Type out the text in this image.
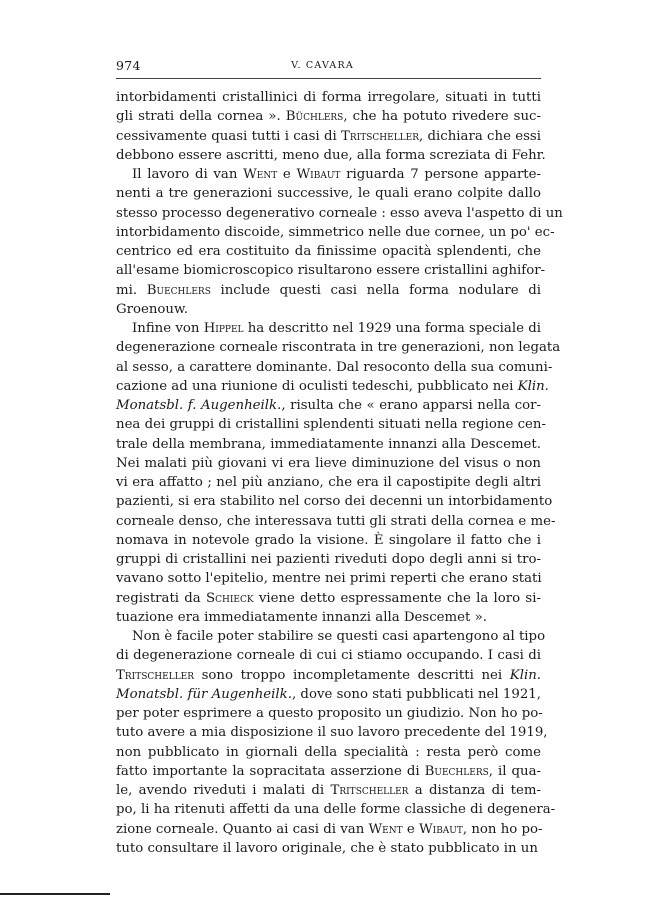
974	V. CAVARA
intorbidamenti cristallinici di forma irregolare, situati in tutti
gli strati della cornea ». Büchlers, che ha potuto rivedere suc-
cessivamente quasi tutti i casi di Tritschеller, dichiara che essi
debbono essere ascritti, meno due, alla forma screziata di Fehr.
Il lavoro di van Went e Wibaut riguarda 7 persone apparte-
nenti a tre generazioni successive, le quali erano colpite dallo
stesso processo degenerativo corneale : esso aveva l'aspetto di un
intorbidamento discoide, simmetrico nelle due cornee, un po' ec-
centrico ed era costituito da finissime opacità splendenti, che
all'esame biomicroscopico risultarono essere cristallini aghifor-
mi. Buechlers include questi casi nella forma nodulare di
Groenouw.
Infine von Hippel ha descritto nel 1929 una forma speciale di
degenerazione corneale riscontrata in tre generazioni, non legata
al sesso, a carattere dominante. Dal resoconto della sua comuni-
cazione ad una riunione di oculisti tedeschi, pubblicato nei Klin.
Monatsbl. f. Augenheilk., risulta che « erano apparsi nella cor-
nea dei gruppi di cristallini splendenti situati nella regione cen-
trale della membrana, immediatamente innanzi alla Descemet.
Nei malati più giovani vi era lieve diminuzione del visus o non
vi era affatto ; nel più anziano, che era il capostipite degli altri
pazienti, si era stabilito nel corso dei decenni un intorbidamento
corneale denso, che interessava tutti gli strati della cornea e me-
nomava in notevole grado la visione. È singolare il fatto che i
gruppi di cristallini nei pazienti riveduti dopo degli anni si tro-
vavano sotto l'epitelio, mentre nei primi reperti che erano stati
registrati da Schieck viene detto espressamente che la loro si-
tuazione era immediatamente innanzi alla Descemet ».
Non è facile poter stabilire se questi casi apartengono al tipo
di degenerazione corneale di cui ci stiamo occupando. I casi di
Tritschеller sono troppo incompletamente descritti nei Klin.
Monatsbl. für Augenheilk., dove sono stati pubblicati nel 1921,
per poter esprimere a questo proposito un giudizio. Non ho po-
tuto avere a mia disposizione il suo lavoro precedente del 1919,
non pubblicato in giornali della specialità : resta però come
fatto importante la sopracitata asserzione di Buechlers, il qua-
le, avendo riveduti i malati di Tritschеller a distanza di tem-
po, li ha ritenuti affetti da una delle forme classiche di degenera-
zione corneale. Quanto ai casi di van Went e Wibaut, non ho po-
tuto consultare il lavoro originale, che è stato pubblicato in un
